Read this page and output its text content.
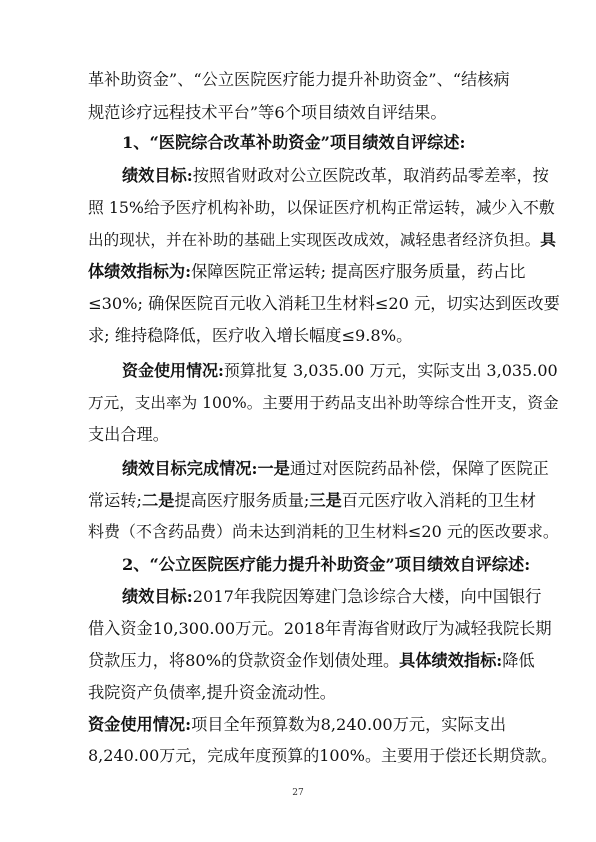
革补助资金”、“公立医院医疗能力提升补助资金”、“结核病
规范诊疗远程技术平台”等6个项目绩效自评结果。
1、“医院综合改革补助资金”项目绩效自评综述:
绩效目标:按照省财政对公立医院改革，取消药品零差率，按
照 15%给予医疗机构补助，以保证医疗机构正常运转，减少入不敷
出的现状，并在补助的基础上实现医改成效，减轻患者经济负担。具
体绩效指标为:保障医院正常运转; 提高医疗服务质量，药占比
≤30%; 确保医院百元收入消耗卫生材料≤20 元，切实达到医改要
求; 维持稳降低，医疗收入增长幅度≤9.8%。
资金使用情况:预算批复 3,035.00 万元，实际支出 3,035.00
万元，支出率为 100%。主要用于药品支出补助等综合性开支，资金
支出合理。
绩效目标完成情况:一是通过对医院药品补偿，保障了医院正
常运转;二是提高医疗服务质量;三是百元医疗收入消耗的卫生材
料费（不含药品费）尚未达到消耗的卫生材料≤20 元的医改要求。
2、“公立医院医疗能力提升补助资金”项目绩效自评综述:
绩效目标:2017年我院因筹建门急诊综合大楼，向中国银行
借入资金10,300.00万元。2018年青海省财政厅为减轻我院长期
贷款压力，将80%的贷款资金作划债处理。具体绩效指标:降低
我院资产负债率,提升资金流动性。
资金使用情况:项目全年预算数为8,240.00万元，实际支出
8,240.00万元，完成年度预算的100%。主要用于偿还长期贷款。
27
